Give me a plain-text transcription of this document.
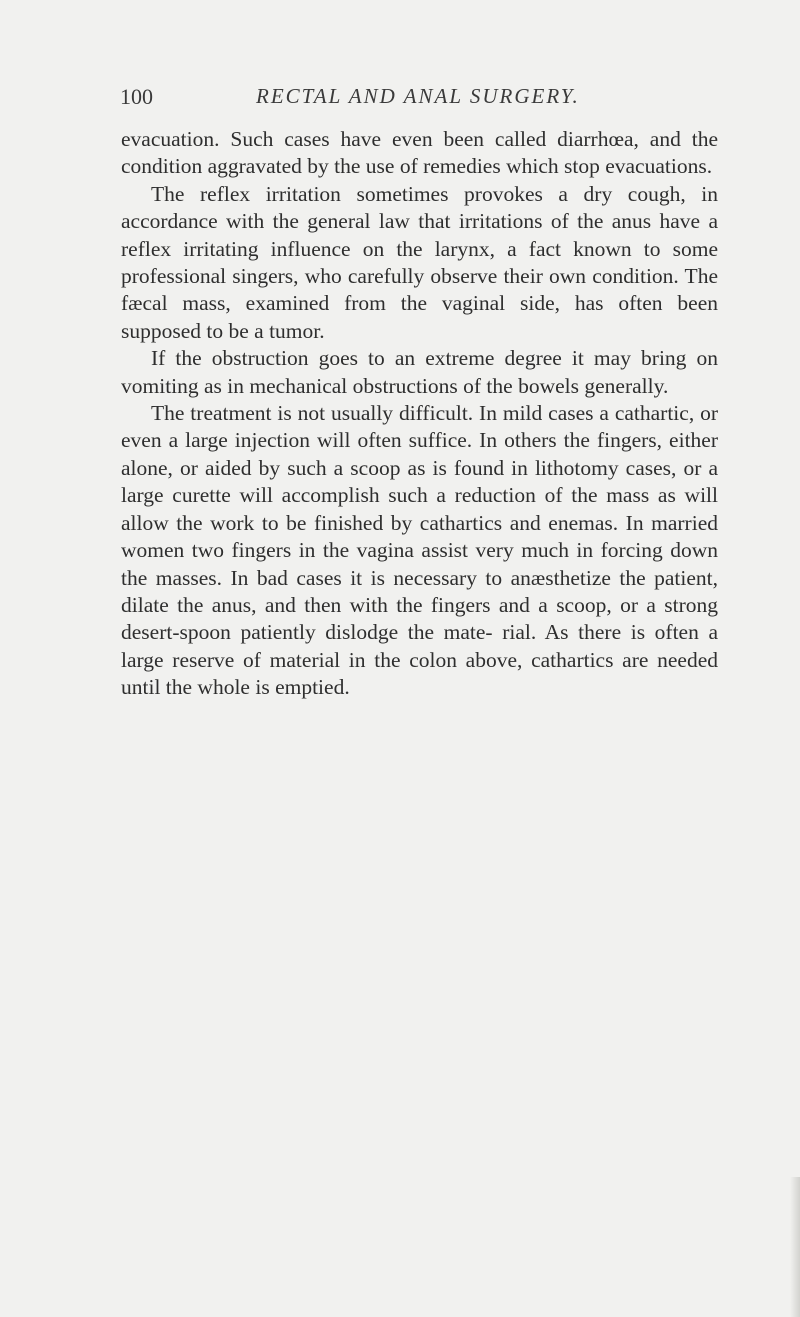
100	RECTAL AND ANAL SURGERY.

evacuation. Such cases have even been called diarrhœa, and the condition aggravated by the use of remedies which stop evacuations.

The reflex irritation sometimes provokes a dry cough, in accordance with the general law that irritations of the anus have a reflex irritating influence on the larynx, a fact known to some professional singers, who carefully observe their own condition. The fæcal mass, examined from the vaginal side, has often been supposed to be a tumor.

If the obstruction goes to an extreme degree it may bring on vomiting as in mechanical obstructions of the bowels generally.

The treatment is not usually difficult. In mild cases a cathartic, or even a large injection will often suffice. In others the fingers, either alone, or aided by such a scoop as is found in lithotomy cases, or a large curette will accomplish such a reduction of the mass as will allow the work to be finished by cathartics and enemas. In married women two fingers in the vagina assist very much in forcing down the masses. In bad cases it is necessary to anæsthetize the patient, dilate the anus, and then with the fingers and a scoop, or a strong desert-spoon patiently dislodge the mate- rial. As there is often a large reserve of material in the colon above, cathartics are needed until the whole is emptied.
